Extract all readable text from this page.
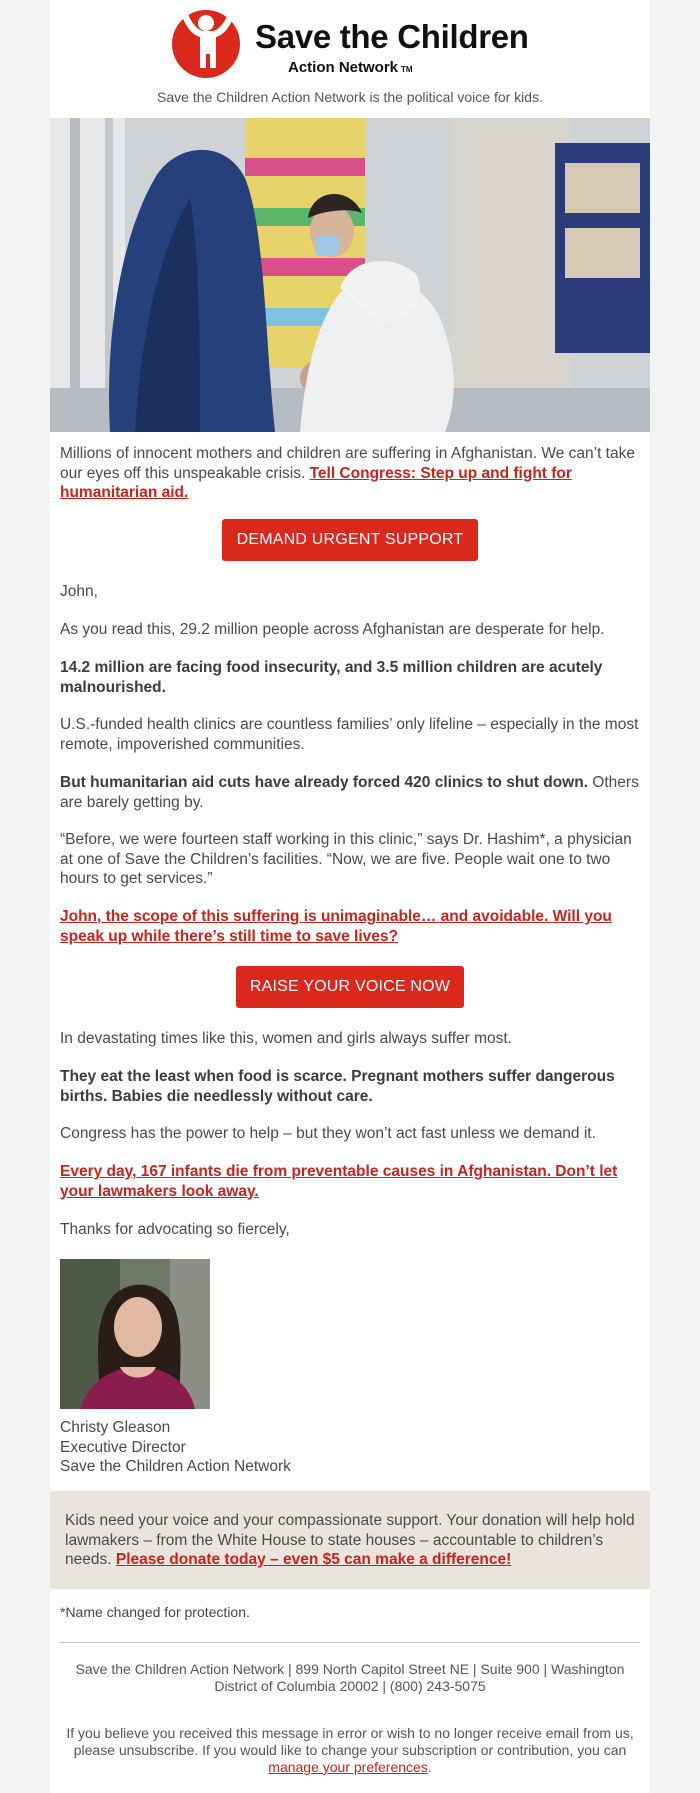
Save the Children
Action Network TM
Save the Children Action Network is the political voice for kids.

Millions of innocent mothers and children are suffering in Afghanistan. We can’t take our eyes off this unspeakable crisis. Tell Congress: Step up and fight for humanitarian aid.

DEMAND URGENT SUPPORT

John,

As you read this, 29.2 million people across Afghanistan are desperate for help.

14.2 million are facing food insecurity, and 3.5 million children are acutely malnourished.

U.S.-funded health clinics are countless families’ only lifeline – especially in the most remote, impoverished communities.

But humanitarian aid cuts have already forced 420 clinics to shut down. Others are barely getting by.

“Before, we were fourteen staff working in this clinic,” says Dr. Hashim*, a physician at one of Save the Children’s facilities. “Now, we are five. People wait one to two hours to get services.”

John, the scope of this suffering is unimaginable… and avoidable. Will you speak up while there’s still time to save lives?

RAISE YOUR VOICE NOW

In devastating times like this, women and girls always suffer most.

They eat the least when food is scarce. Pregnant mothers suffer dangerous births. Babies die needlessly without care.

Congress has the power to help – but they won’t act fast unless we demand it.

Every day, 167 infants die from preventable causes in Afghanistan. Don’t let your lawmakers look away.

Thanks for advocating so fiercely,

Christy Gleason
Executive Director
Save the Children Action Network

Kids need your voice and your compassionate support. Your donation will help hold lawmakers – from the White House to state houses – accountable to children’s needs. Please donate today – even $5 can make a difference!

*Name changed for protection.
Save the Children Action Network | 899 North Capitol Street NE | Suite 900 | Washington District of Columbia 20002 | (800) 243-5075
If you believe you received this message in error or wish to no longer receive email from us, please unsubscribe. If you would like to change your subscription or contribution, you can manage your preferences.
